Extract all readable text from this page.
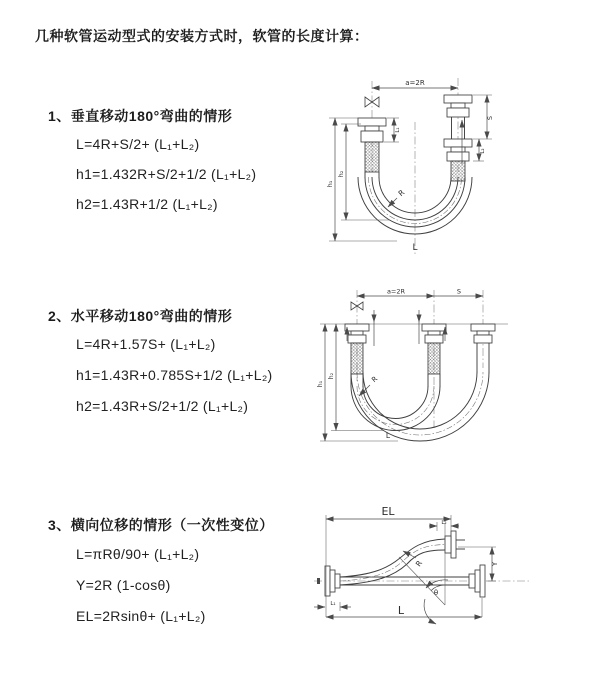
几种软管运动型式的安装方式时，软管的长度计算：
1、垂直移动180°弯曲的情形
L=4R+S/2+ (L₁+L₂)
h1=1.432R+S/2+1/2 (L₁+L₂)
h2=1.43R+1/2 (L₁+L₂)
2、水平移动180°弯曲的情形
L=4R+1.57S+ (L₁+L₂)
h1=1.43R+0.785S+1/2 (L₁+L₂)
h2=1.43R+S/2+1/2 (L₁+L₂)
3、横向位移的情形（一次性变位）
L=πRθ/90+ (L₁+L₂)
Y=2R (1-cosθ)
EL=2Rsinθ+ (L₁+L₂)
a=2R
h₁
h₂
L₁
S
L₂
R
L
a=2R	S
h₁
h₂	R
L
EL
L₂
Y
θ
R
L
L₁
